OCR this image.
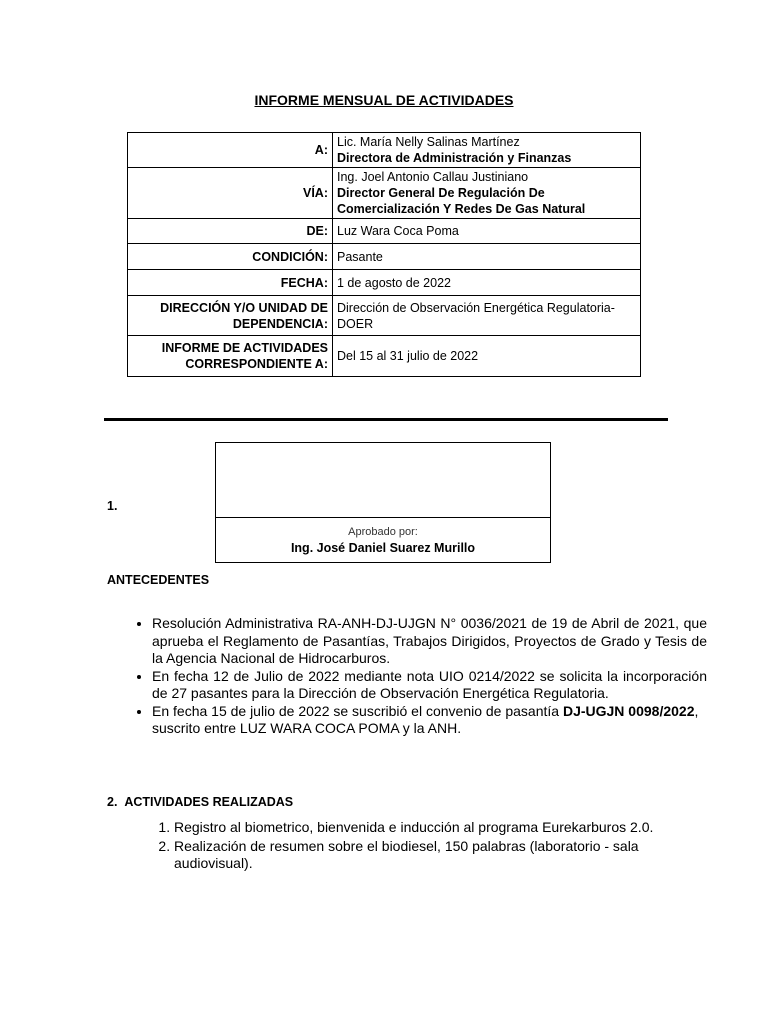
INFORME MENSUAL DE ACTIVIDADES
A:	Lic. María Nelly Salinas Martínez
Directora de Administración y Finanzas

VÍA:	Ing. Joel Antonio Callau Justiniano
Director General De Regulación De Comercialización Y Redes De Gas Natural

DE:	Luz Wara Coca Poma
CONDICIÓN:	Pasante
FECHA:	1 de agosto de 2022
DIRECCIÓN Y/O UNIDAD DE DEPENDENCIA:	Dirección de Observación Energética Regulatoria-DOER
INFORME DE ACTIVIDADES CORRESPONDIENTE A:	Del 15 al 31 julio de 2022
1.
Aprobado por:
Ing. José Daniel Suarez Murillo
ANTECEDENTES
• Resolución Administrativa RA-ANH-DJ-UJGN N° 0036/2021 de 19 de Abril de 2021, que aprueba el Reglamento de Pasantías, Trabajos Dirigidos, Proyectos de Grado y Tesis de la Agencia Nacional de Hidrocarburos.
• En fecha 12 de Julio de 2022 mediante nota UIO 0214/2022 se solicita la incorporación de 27 pasantes para la Dirección de Observación Energética Regulatoria.
• En fecha 15 de julio de 2022 se suscribió el convenio de pasantía DJ-UGJN 0098/2022, suscrito entre LUZ WARA COCA POMA y la ANH.
2.  ACTIVIDADES REALIZADAS
1. Registro al biometrico, bienvenida e inducción al programa Eurekarburos 2.0.
2. Realización de resumen sobre el biodiesel, 150 palabras (laboratorio - sala audiovisual).
